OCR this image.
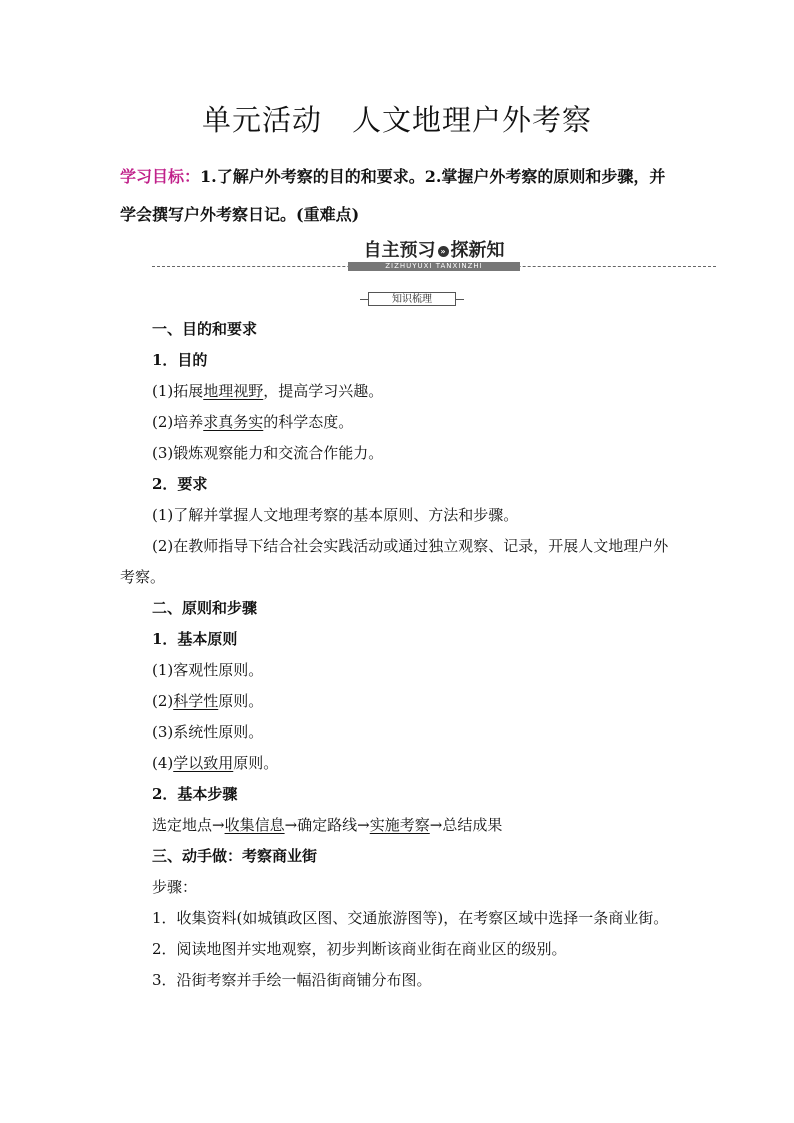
单元活动　人文地理户外考察
学习目标：1.了解户外考察的目的和要求。2.掌握户外考察的原则和步骤，并学会撰写户外考察日记。(重难点)
自主预习 » 探新知
ZIZHUYUXI TANXINZHI
知识梳理

一、目的和要求

1．目的

(1)拓展地理视野，提高学习兴趣。

(2)培养求真务实的科学态度。

(3)锻炼观察能力和交流合作能力。

2．要求

(1)了解并掌握人文地理考察的基本原则、方法和步骤。

(2)在教师指导下结合社会实践活动或通过独立观察、记录，开展人文地理户外考察。

二、原则和步骤

1．基本原则

(1)客观性原则。

(2)科学性原则。

(3)系统性原则。

(4)学以致用原则。

2．基本步骤

选定地点→收集信息→确定路线→实施考察→总结成果

三、动手做：考察商业街

步骤：

1．收集资料(如城镇政区图、交通旅游图等)，在考察区域中选择一条商业街。

2．阅读地图并实地观察，初步判断该商业街在商业区的级别。

3．沿街考察并手绘一幅沿街商铺分布图。
